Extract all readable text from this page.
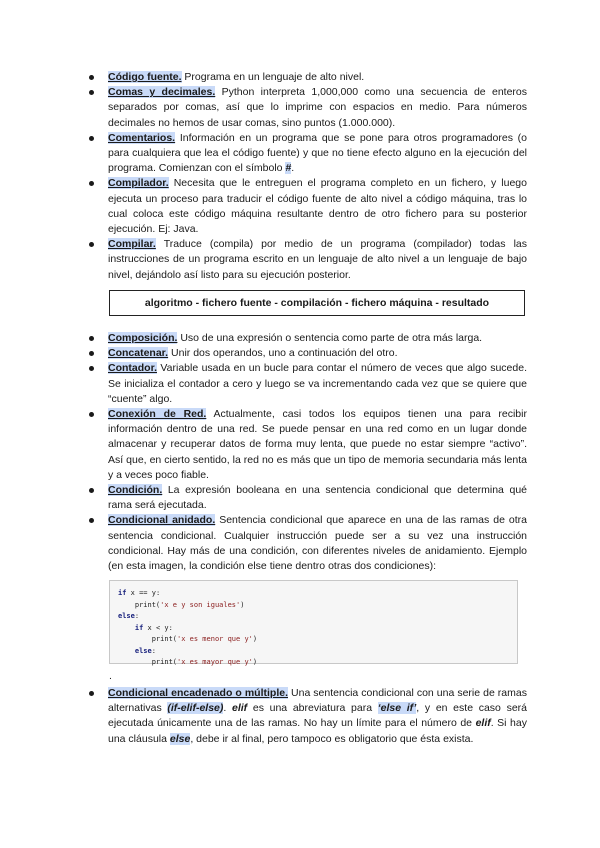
Código fuente. Programa en un lenguaje de alto nivel.
Comas y decimales. Python interpreta 1,000,000 como una secuencia de enteros separados por comas, así que lo imprime con espacios en medio. Para números decimales no hemos de usar comas, sino puntos (1.000.000).
Comentarios. Información en un programa que se pone para otros programadores (o para cualquiera que lea el código fuente) y que no tiene efecto alguno en la ejecución del programa. Comienzan con el símbolo #.
Compilador. Necesita que le entreguen el programa completo en un fichero, y luego ejecuta un proceso para traducir el código fuente de alto nivel a código máquina, tras lo cual coloca este código máquina resultante dentro de otro fichero para su posterior ejecución. Ej: Java.
Compilar. Traduce (compila) por medio de un programa (compilador) todas las instrucciones de un programa escrito en un lenguaje de alto nivel a un lenguaje de bajo nivel, dejándolo así listo para su ejecución posterior.
algoritmo - fichero fuente - compilación - fichero máquina - resultado
Composición. Uso de una expresión o sentencia como parte de otra más larga.
Concatenar. Unir dos operandos, uno a continuación del otro.
Contador. Variable usada en un bucle para contar el número de veces que algo sucede. Se inicializa el contador a cero y luego se va incrementando cada vez que se quiere que “cuente” algo.
Conexión de Red. Actualmente, casi todos los equipos tienen una para recibir información dentro de una red. Se puede pensar en una red como en un lugar donde almacenar y recuperar datos de forma muy lenta, que puede no estar siempre “activo”. Así que, en cierto sentido, la red no es más que un tipo de memoria secundaria más lenta y a veces poco fiable.
Condición. La expresión booleana en una sentencia condicional que determina qué rama será ejecutada.
Condicional anidado. Sentencia condicional que aparece en una de las ramas de otra sentencia condicional. Cualquier instrucción puede ser a su vez una instrucción condicional. Hay más de una condición, con diferentes niveles de anidamiento. Ejemplo (en esta imagen, la condición else tiene dentro otras dos condiciones):
if x == y:
print('x e y son iguales')
else:
if x < y:
print('x es menor que y')
else:
print('x es mayor que y')
.
Condicional encadenado o múltiple. Una sentencia condicional con una serie de ramas alternativas (if-elif-else). elif es una abreviatura para ‘else if’, y en este caso será ejecutada únicamente una de las ramas. No hay un límite para el número de elif. Si hay una cláusula else, debe ir al final, pero tampoco es obligatorio que ésta exista.
